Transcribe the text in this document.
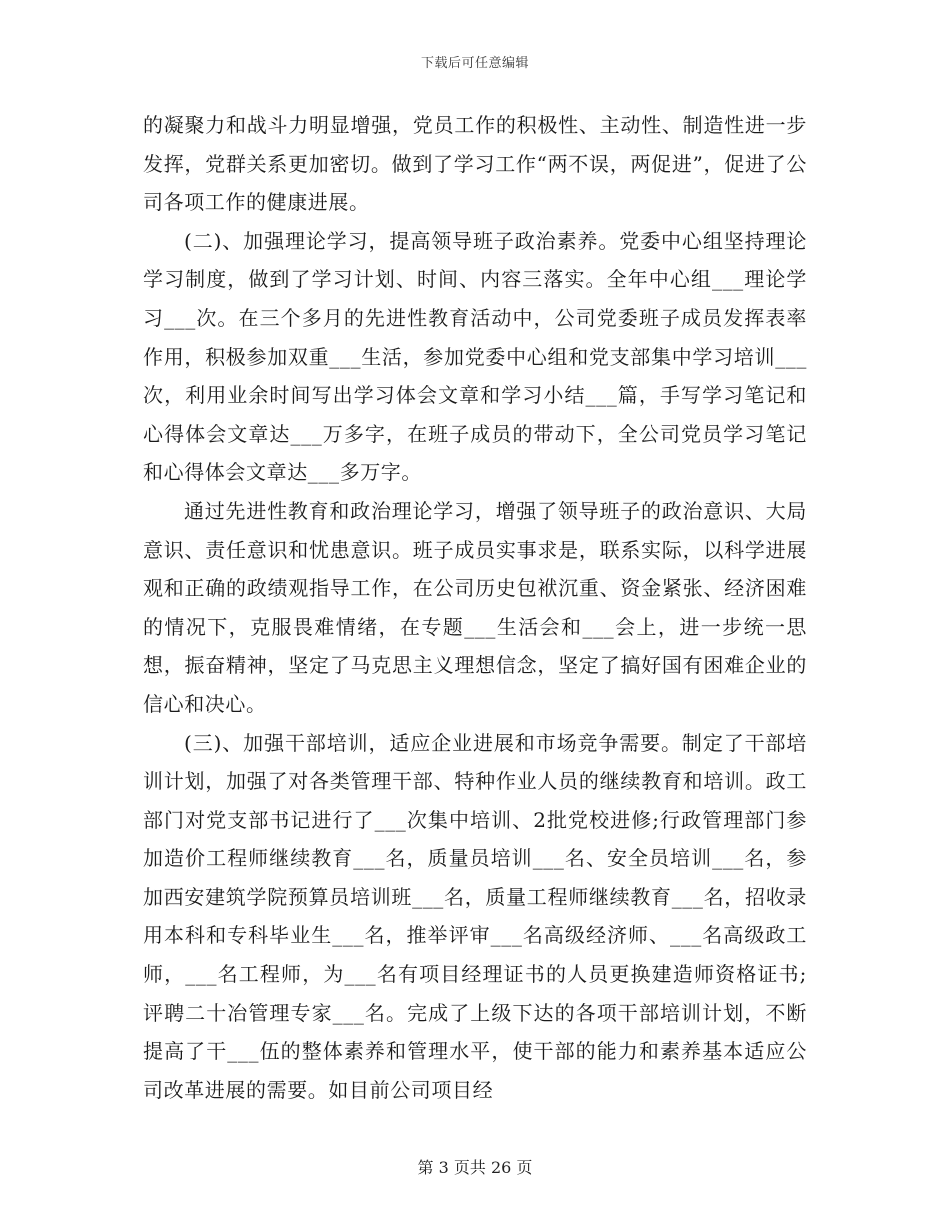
下载后可任意编辑

的凝聚力和战斗力明显增强，党员工作的积极性、主动性、制造性进一步发挥，党群关系更加密切。做到了学习工作“两不误，两促进”，促进了公司各项工作的健康进展。

(二)、加强理论学习，提高领导班子政治素养。党委中心组坚持理论学习制度，做到了学习计划、时间、内容三落实。全年中心组___理论学习___次。在三个多月的先进性教育活动中，公司党委班子成员发挥表率作用，积极参加双重___生活，参加党委中心组和党支部集中学习培训___次，利用业余时间写出学习体会文章和学习小结___篇，手写学习笔记和心得体会文章达___万多字，在班子成员的带动下，全公司党员学习笔记和心得体会文章达___多万字。

通过先进性教育和政治理论学习，增强了领导班子的政治意识、大局意识、责任意识和忧患意识。班子成员实事求是，联系实际，以科学进展观和正确的政绩观指导工作，在公司历史包袱沉重、资金紧张、经济困难的情况下，克服畏难情绪，在专题___生活会和___会上，进一步统一思想，振奋精神，坚定了马克思主义理想信念，坚定了搞好国有困难企业的信心和决心。

(三)、加强干部培训，适应企业进展和市场竞争需要。制定了干部培训计划，加强了对各类管理干部、特种作业人员的继续教育和培训。政工部门对党支部书记进行了___次集中培训、2批党校进修;行政管理部门参加造价工程师继续教育___名，质量员培训___名、安全员培训___名，参加西安建筑学院预算员培训班___名，质量工程师继续教育___名，招收录用本科和专科毕业生___名，推举评审___名高级经济师、___名高级政工师，___名工程师，为___名有项目经理证书的人员更换建造师资格证书;评聘二十冶管理专家___名。完成了上级下达的各项干部培训计划，不断提高了干___伍的整体素养和管理水平，使干部的能力和素养基本适应公司改革进展的需要。如目前公司项目经

第 3 页共 26 页
